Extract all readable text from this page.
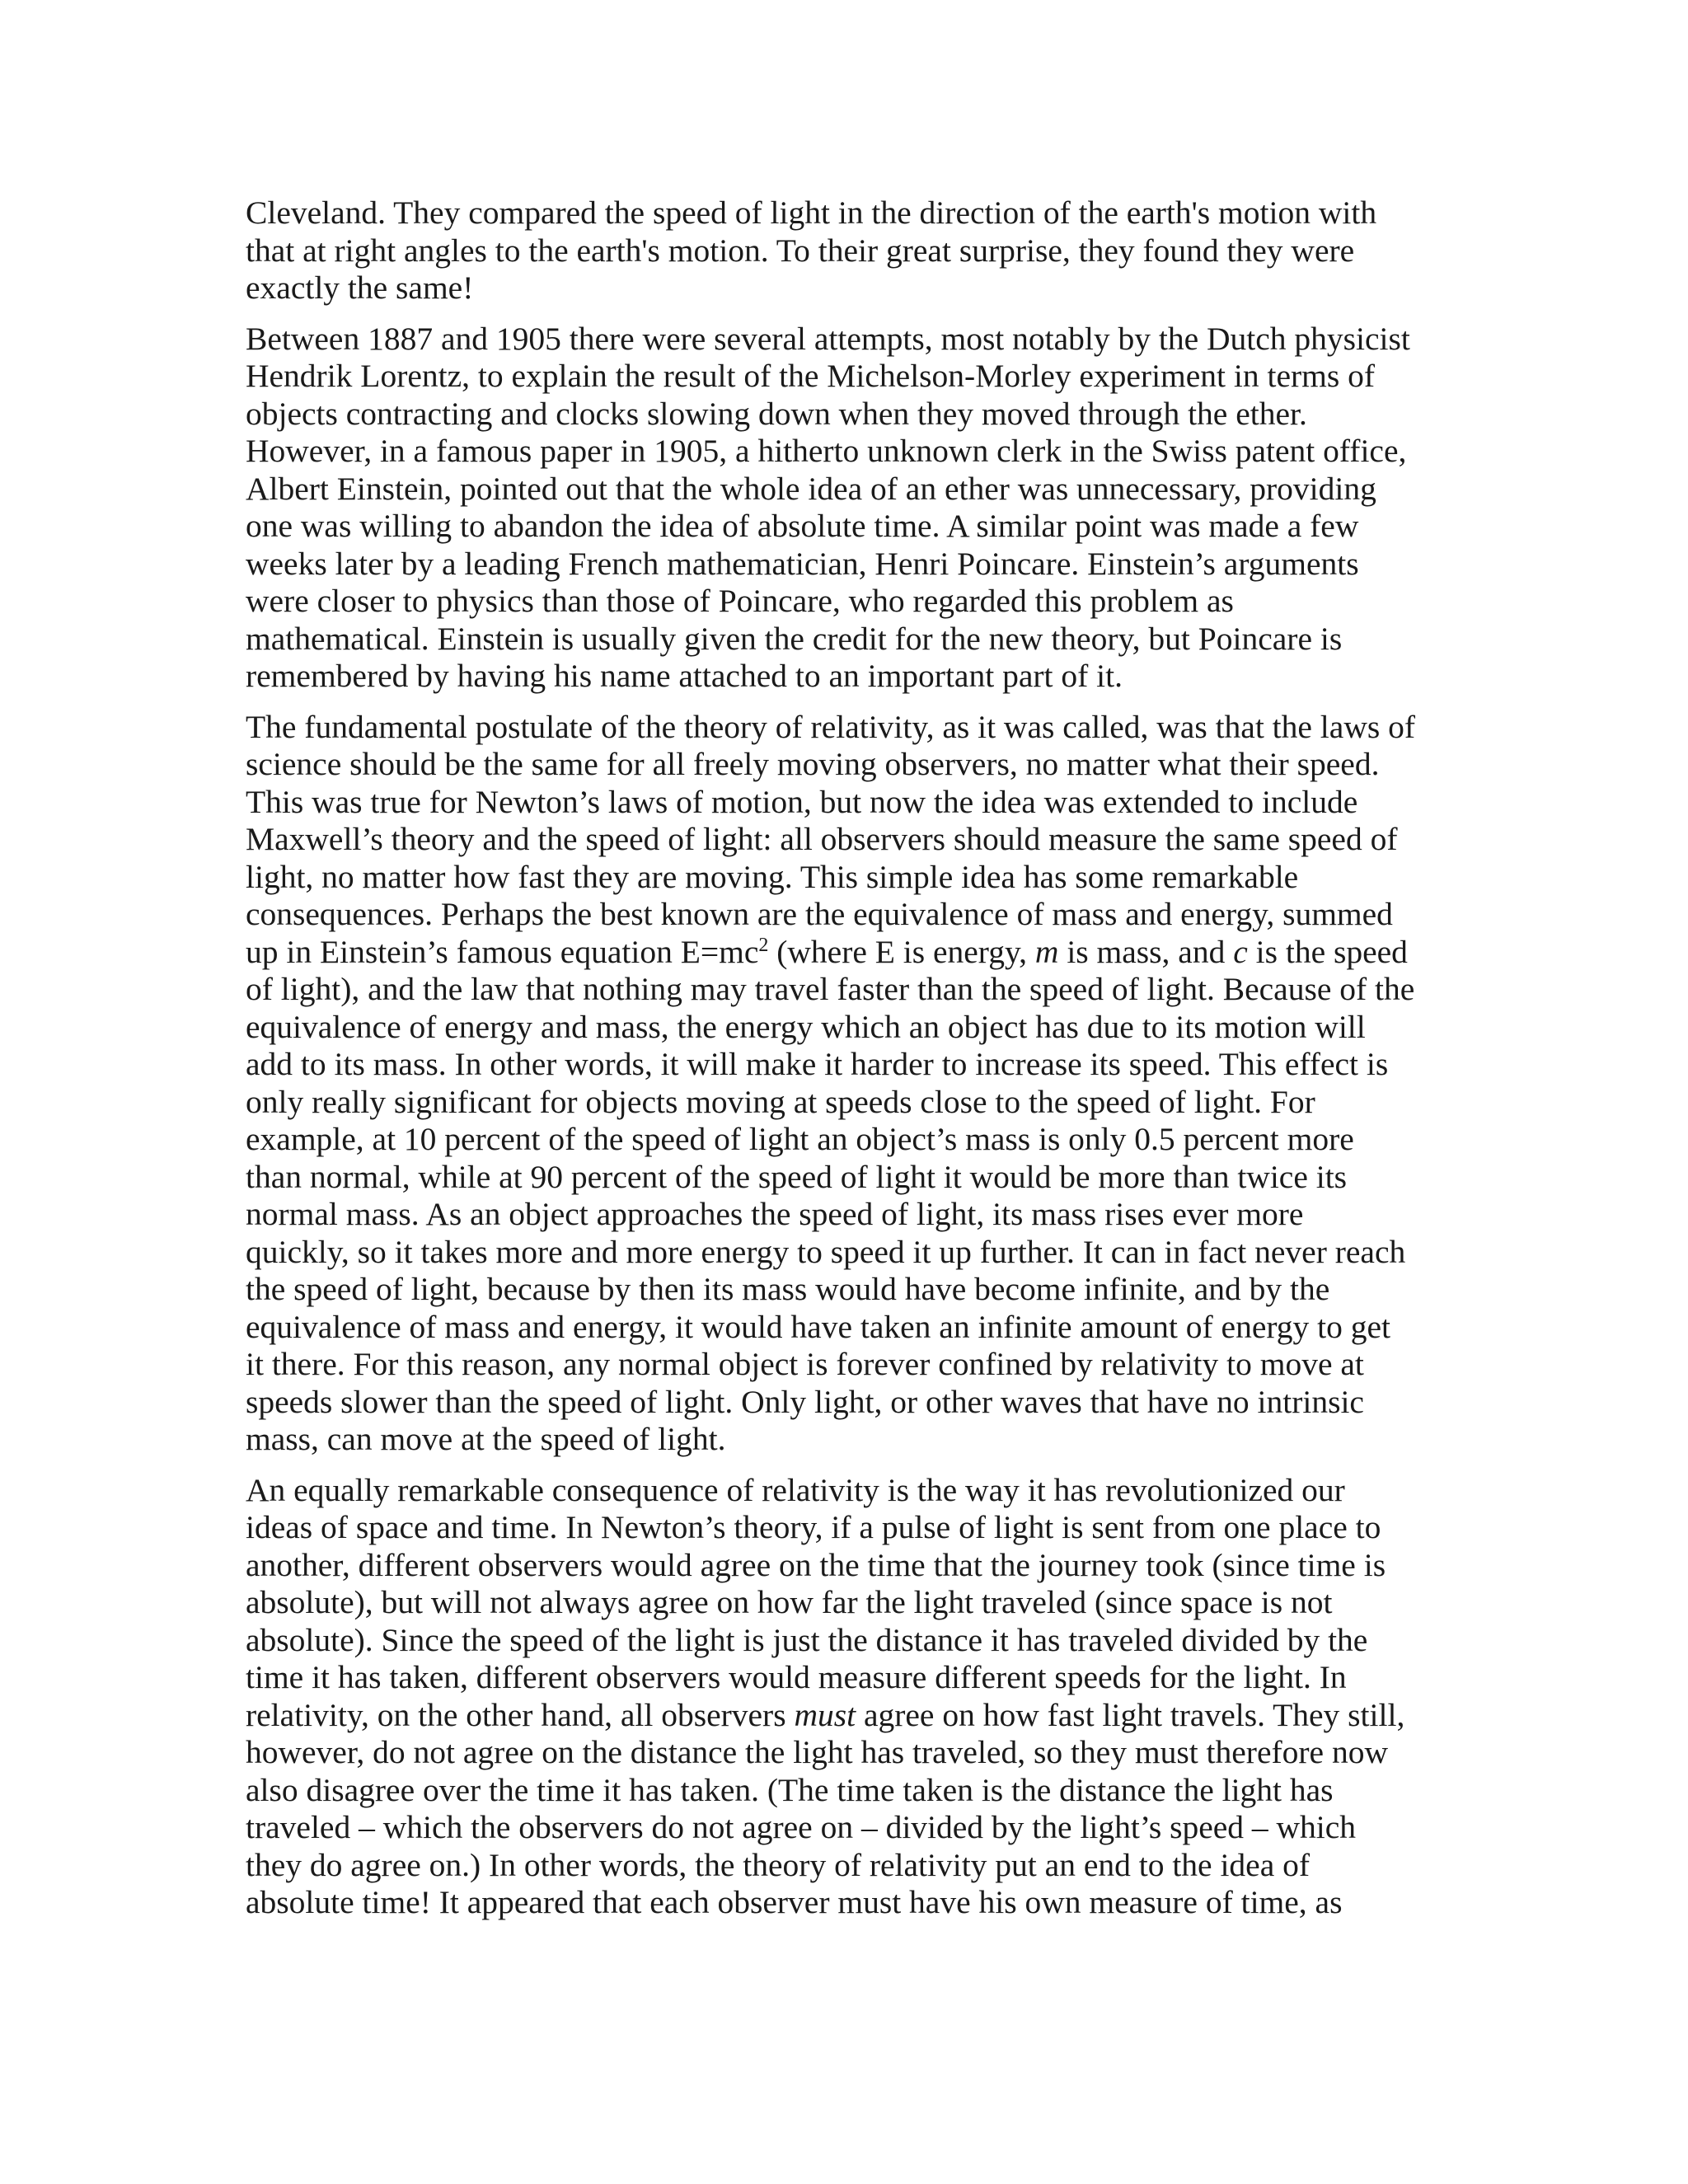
Cleveland. They compared the speed of light in the direction of the earth's motion with
that at right angles to the earth's motion. To their great surprise, they found they were
exactly the same!

Between 1887 and 1905 there were several attempts, most notably by the Dutch physicist
Hendrik Lorentz, to explain the result of the Michelson-Morley experiment in terms of
objects contracting and clocks slowing down when they moved through the ether.
However, in a famous paper in 1905, a hitherto unknown clerk in the Swiss patent office,
Albert Einstein, pointed out that the whole idea of an ether was unnecessary, providing
one was willing to abandon the idea of absolute time. A similar point was made a few
weeks later by a leading French mathematician, Henri Poincare. Einstein’s arguments
were closer to physics than those of Poincare, who regarded this problem as
mathematical. Einstein is usually given the credit for the new theory, but Poincare is
remembered by having his name attached to an important part of it.

The fundamental postulate of the theory of relativity, as it was called, was that the laws of
science should be the same for all freely moving observers, no matter what their speed.
This was true for Newton’s laws of motion, but now the idea was extended to include
Maxwell’s theory and the speed of light: all observers should measure the same speed of
light, no matter how fast they are moving. This simple idea has some remarkable
consequences. Perhaps the best known are the equivalence of mass and energy, summed
up in Einstein’s famous equation $E=mc^2$ (where E is energy, m is mass, and c is the speed
of light), and the law that nothing may travel faster than the speed of light. Because of the
equivalence of energy and mass, the energy which an object has due to its motion will
add to its mass. In other words, it will make it harder to increase its speed. This effect is
only really significant for objects moving at speeds close to the speed of light. For
example, at 10 percent of the speed of light an object’s mass is only 0.5 percent more
than normal, while at 90 percent of the speed of light it would be more than twice its
normal mass. As an object approaches the speed of light, its mass rises ever more
quickly, so it takes more and more energy to speed it up further. It can in fact never reach
the speed of light, because by then its mass would have become infinite, and by the
equivalence of mass and energy, it would have taken an infinite amount of energy to get
it there. For this reason, any normal object is forever confined by relativity to move at
speeds slower than the speed of light. Only light, or other waves that have no intrinsic
mass, can move at the speed of light.

An equally remarkable consequence of relativity is the way it has revolutionized our
ideas of space and time. In Newton’s theory, if a pulse of light is sent from one place to
another, different observers would agree on the time that the journey took (since time is
absolute), but will not always agree on how far the light traveled (since space is not
absolute). Since the speed of the light is just the distance it has traveled divided by the
time it has taken, different observers would measure different speeds for the light. In
relativity, on the other hand, all observers must agree on how fast light travels. They still,
however, do not agree on the distance the light has traveled, so they must therefore now
also disagree over the time it has taken. (The time taken is the distance the light has
traveled – which the observers do not agree on – divided by the light’s speed – which
they do agree on.) In other words, the theory of relativity put an end to the idea of
absolute time! It appeared that each observer must have his own measure of time, as
